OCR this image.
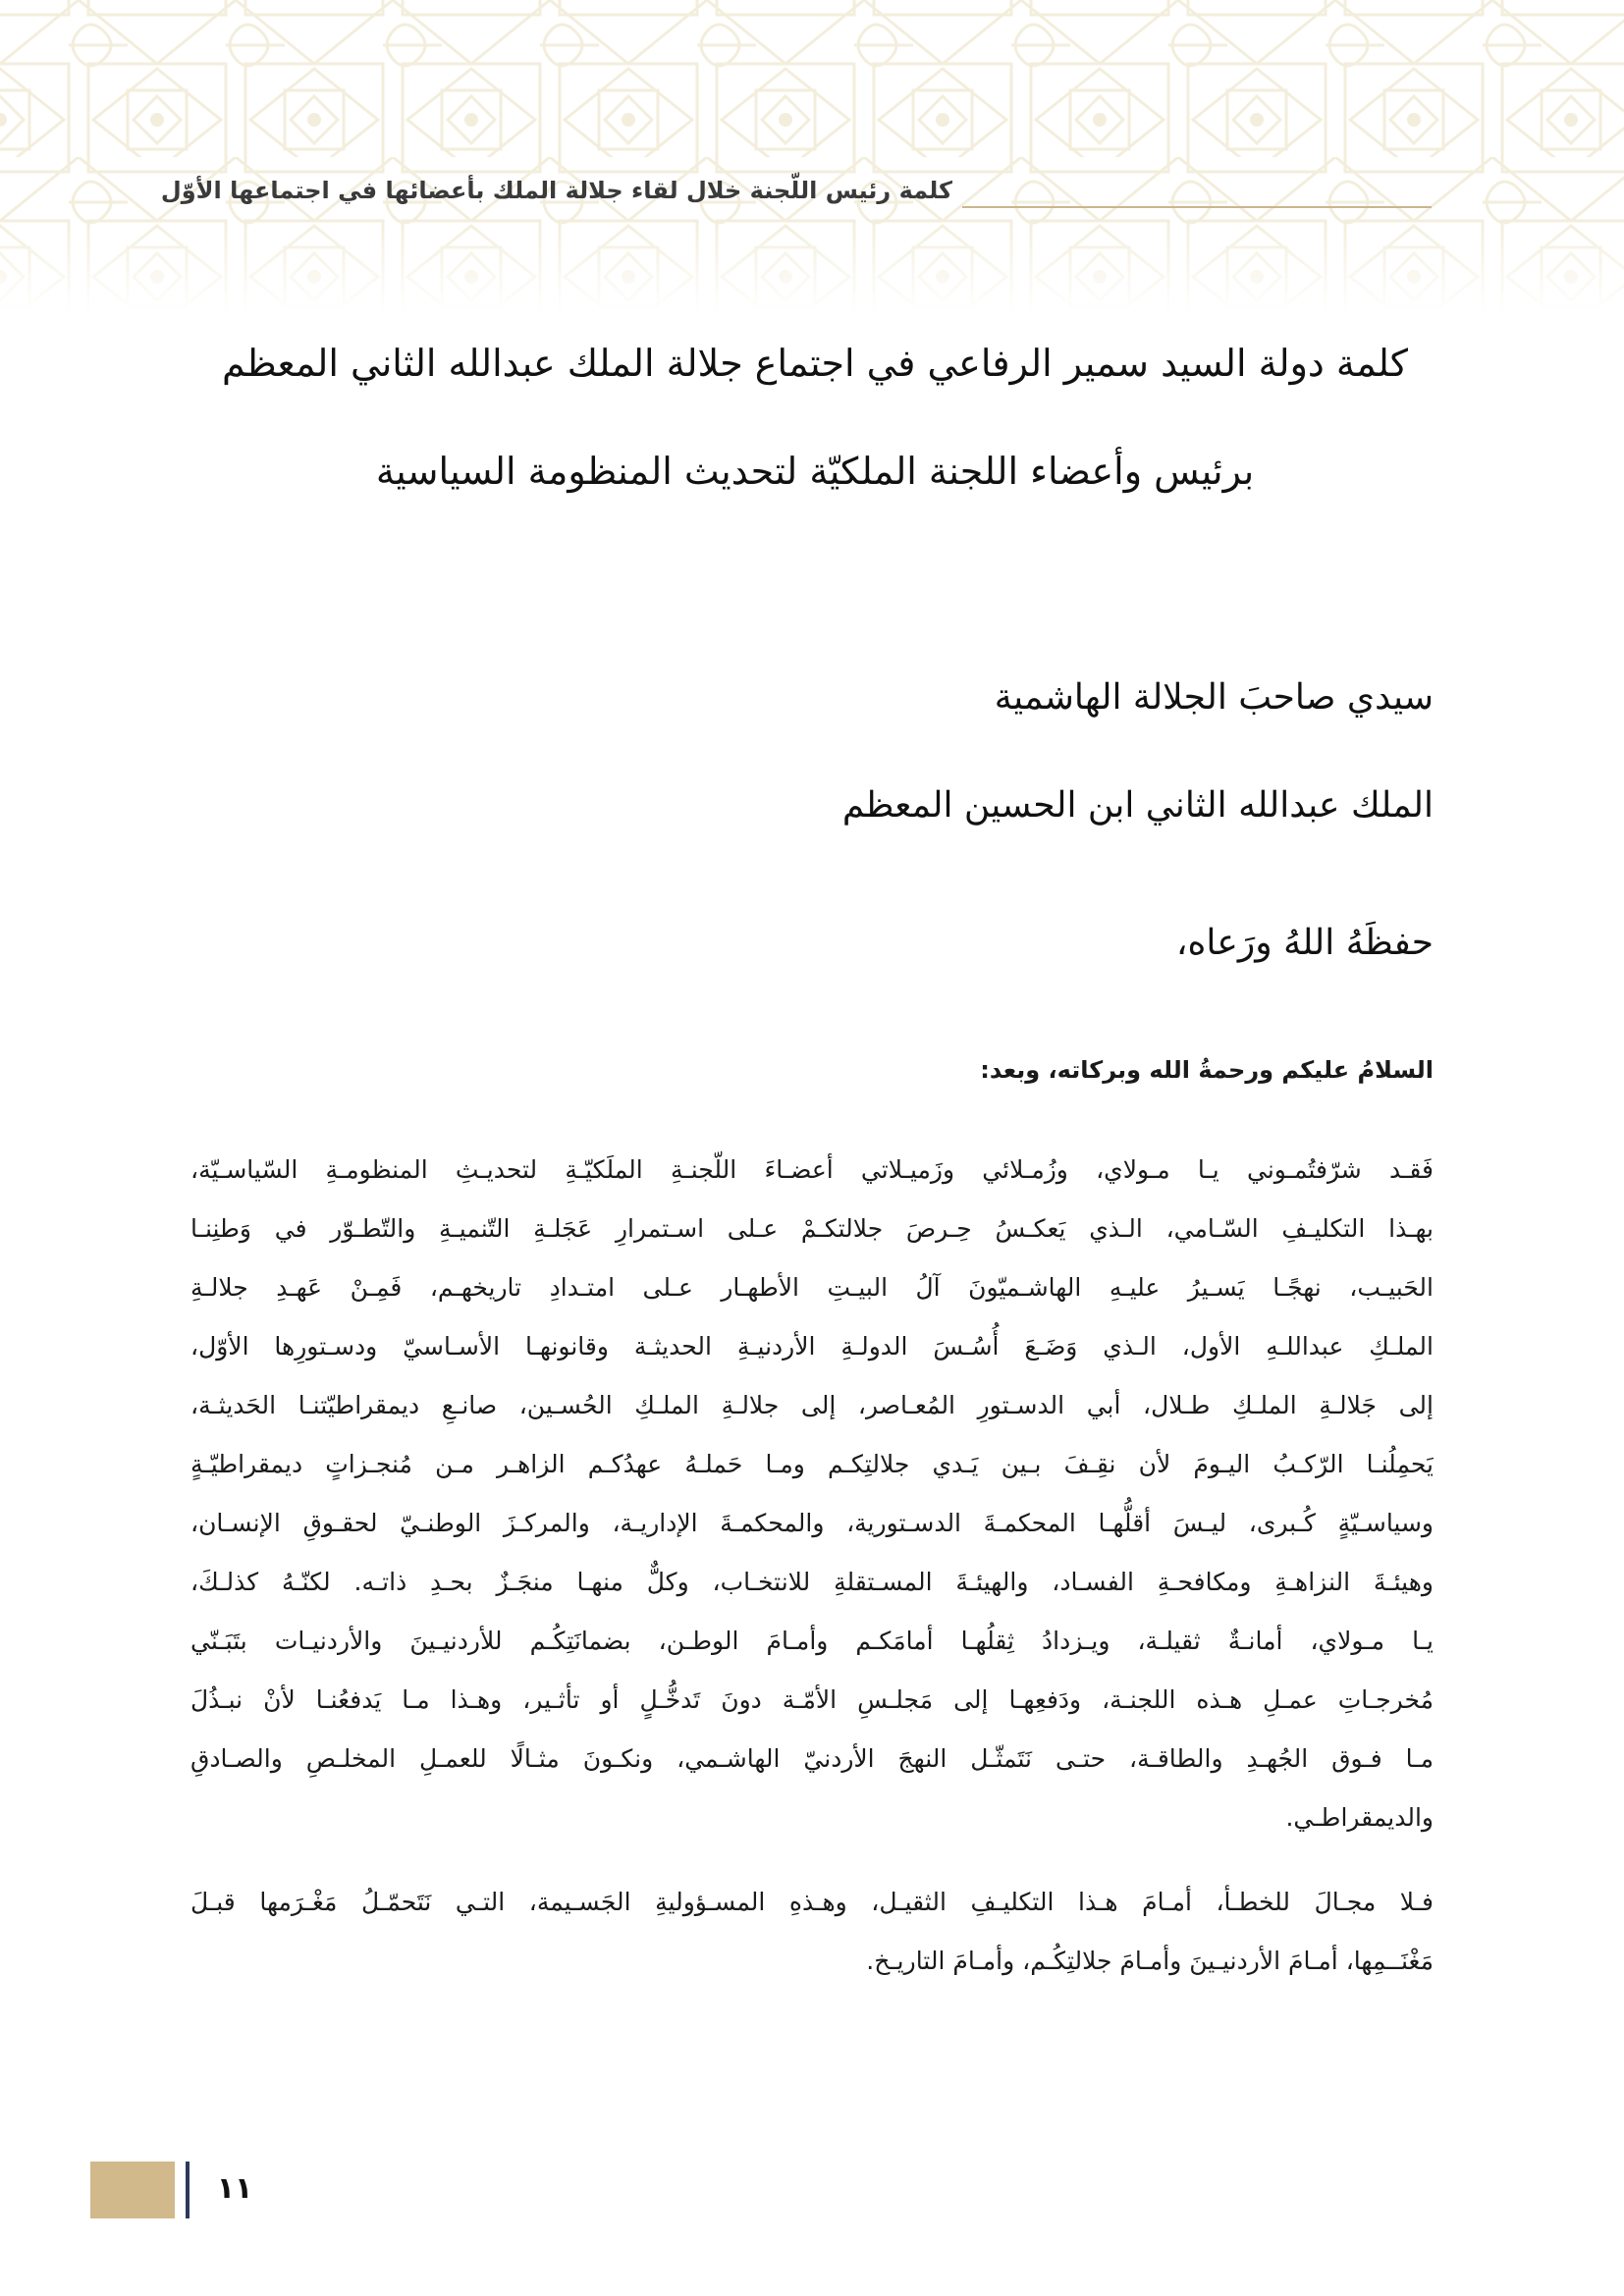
كلمة رئيس اللّجنة خلال لقاء جلالة الملك بأعضائها في اجتماعها الأوّل
كلمة دولة السيد سمير الرفاعي في اجتماع جلالة الملك عبدالله الثاني المعظم
برئيس وأعضاء اللجنة الملكيّة لتحديث المنظومة السياسية
سيدي صاحبَ الجلالة الهاشمية
الملك عبدالله الثاني ابن الحسين المعظم
حفظَهُ اللهُ ورَعاه،
السلامُ عليكم ورحمةُ الله وبركاته، وبعد:
فَقـد شرّفتُمـوني يـا مـولاي، وزُمـلائي وزَميـلاتي أعضـاءَ اللّجنـةِ الملَكيّـةِ لتحديـثِ المنظومـةِ السّياسـيّة،
بهـذا التكليـفِ السّـامي، الـذي يَعكـسُ حِـرصَ جلالتكـمْ عـلى اسـتمرارِ عَجَلـةِ التّنميـةِ والتّطـوّر في وَطنِنـا
الحَبيـب، نهجًـا يَسـيرُ عليـهِ الهاشـميّونَ آلُ البيـتِ الأطهـار عـلى امتـدادِ تاريخهـم، فَمِـنْ عَهـدِ جلالـةِ
الملـكِ عبداللـهِ الأول، الـذي وَضَـعَ أُسُـسَ الدولـةِ الأردنيـةِ الحديثـة وقانونهـا الأسـاسيّ ودسـتورِها الأوّل،
إلى جَلالـةِ الملـكِ طـلال، أبي الدسـتورِ المُعـاصر، إلى جلالـةِ الملـكِ الحُسـين، صانـعِ ديمقراطيّتنـا الحَديثـة،
يَحمِلُنـا الرّكـبُ اليـومَ لأن نقِـفَ بـين يَـدي جلالتِكـم ومـا حَملـهُ عهدُكـم الزاهـر مـن مُنجـزاتٍ ديمقراطيّـةٍ
وسياسـيّةٍ كُـبرى، ليـسَ أقلُّهـا المحكمـةَ الدسـتورية، والمحكمـةَ الإداريـة، والمركـزَ الوطنـيّ لحقـوقِ الإنسـان،
وهيئـةَ النزاهـةِ ومكافحـةِ الفسـاد، والهيئـةَ المسـتقلةِ للانتخـاب، وكلٌّ منهـا منجَـزٌ بحـدِ ذاتـه. لكنّـهُ كذلـكَ،
يـا مـولاي، أمانـةٌ ثقيلـة، ويـزدادُ ثِقلُهـا أمامَكـم وأمـامَ الوطـن، بضمانَتِكُـم للأردنيـينَ والأردنيـات بتَبَـنّي
مُخرجـاتِ عمـلِ هـذه اللجنـة، ودَفعِهـا إلى مَجلـسِ الأمّـة دونَ تَدخُّـلٍ أو تأثـير، وهـذا مـا يَدفعُنـا لأنْ نبـذُلَ
مـا فـوق الجُهـدِ والطاقـة، حتـى نَتَمثّـل النهجَ الأردنيّ الهاشـمي، ونكـونَ مثـالًا للعمـلِ المخلـصِ والصـادقِ
والديمقراطـي.
فـلا مجـالَ للخطـأ، أمـامَ هـذا التكليـفِ الثقيـل، وهـذهِ المسـؤوليةِ الجَسـيمة، التـي نَتَحمّـلُ مَغْـرَمها قبـلَ
مَغْنَــمِها، أمـامَ الأردنيـينَ وأمـامَ جلالتِكُـم، وأمـامَ التاريـخ.
١١
